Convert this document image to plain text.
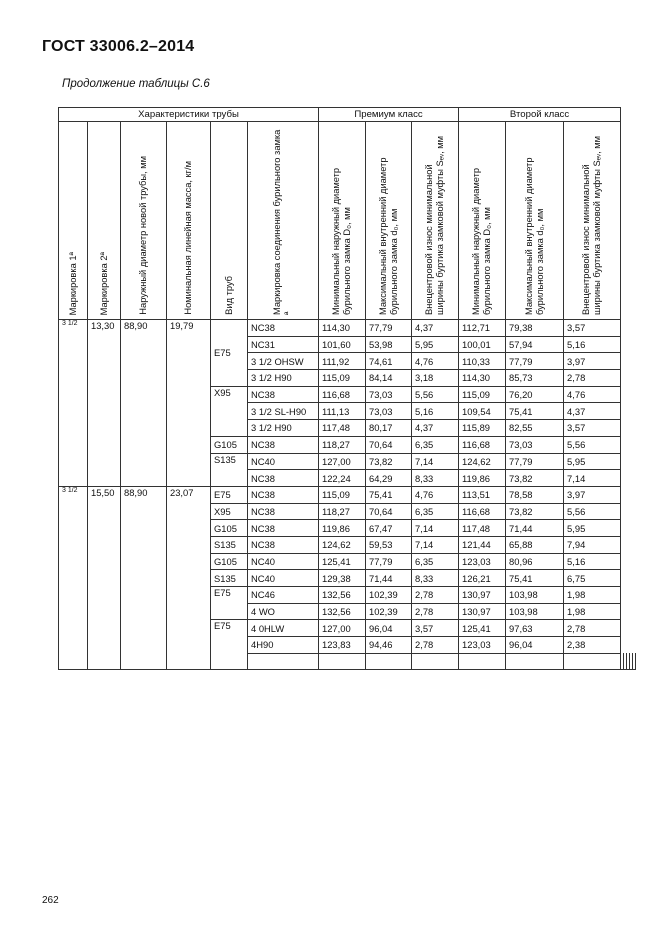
ГОСТ 33006.2–2014
Продолжение таблицы С.6
Характеристики трубы						Премиум класс			Второй класс							

Маркировка 1ª	Маркировка 2ª	Наружный диаметр новой трубы, мм	Номинальная линейная масса, кг/м	Вид труб	Маркировка соединения бурильного замка ª	Минимальный наружный диаметр бурильного замка D₀, мм	Максимальный внутренний диаметр бурильного замка d₀, мм	Внецентровой износ минимальной ширины буртика замковой муфты Sₑᵥ, мм	Минимальный наружный диаметр бурильного замка D₀, мм	Максимальный внутренний диаметр бурильного замка d₀, мм	Внецентровой износ минимальной ширины буртика замковой муфты Sₑᵥ, мм					

3 1/2	13,30	88,90	19,79	E75	NC38	114,30	77,79	4,37	112,71	79,38	3,57					
					NC31	101,60	53,98	5,95	100,01	57,94	5,16					
					3 1/2 OHSW	111,92	74,61	4,76	110,33	77,79	3,97					
					3 1/2 H90	115,09	84,14	3,18	114,30	85,73	2,78					
				X95	NC38	116,68	73,03	5,56	115,09	76,20	4,76					
					3 1/2 SL-H90	111,13	73,03	5,16	109,54	75,41	4,37					
					3 1/2 H90	117,48	80,17	4,37	115,89	82,55	3,57					
				G105	NC38	118,27	70,64	6,35	116,68	73,03	5,56					
				S135	NC40	127,00	73,82	7,14	124,62	77,79	5,95					
					NC38	122,24	64,29	8,33	119,86	73,82	7,14					
3 1/2	15,50	88,90	23,07	E75	NC38	115,09	75,41	4,76	113,51	78,58	3,97					
				X95	NC38	118,27	70,64	6,35	116,68	73,82	5,56					
				G105	NC38	119,86	67,47	7,14	117,48	71,44	5,95					
				S135	NC38	124,62	59,53	7,14	121,44	65,88	7,94					
				G105	NC40	125,41	77,79	6,35	123,03	80,96	5,16					
				S135	NC40	129,38	71,44	8,33	126,21	75,41	6,75					
				E75	NC46	132,56	102,39	2,78	130,97	103,98	1,98					
					4 WO	132,56	102,39	2,78	130,97	103,98	1,98					
				E75	4 0HLW	127,00	96,04	3,57	125,41	97,63	2,78					
					4H90	123,83	94,46	2,78	123,03	96,04	2,38					

262
